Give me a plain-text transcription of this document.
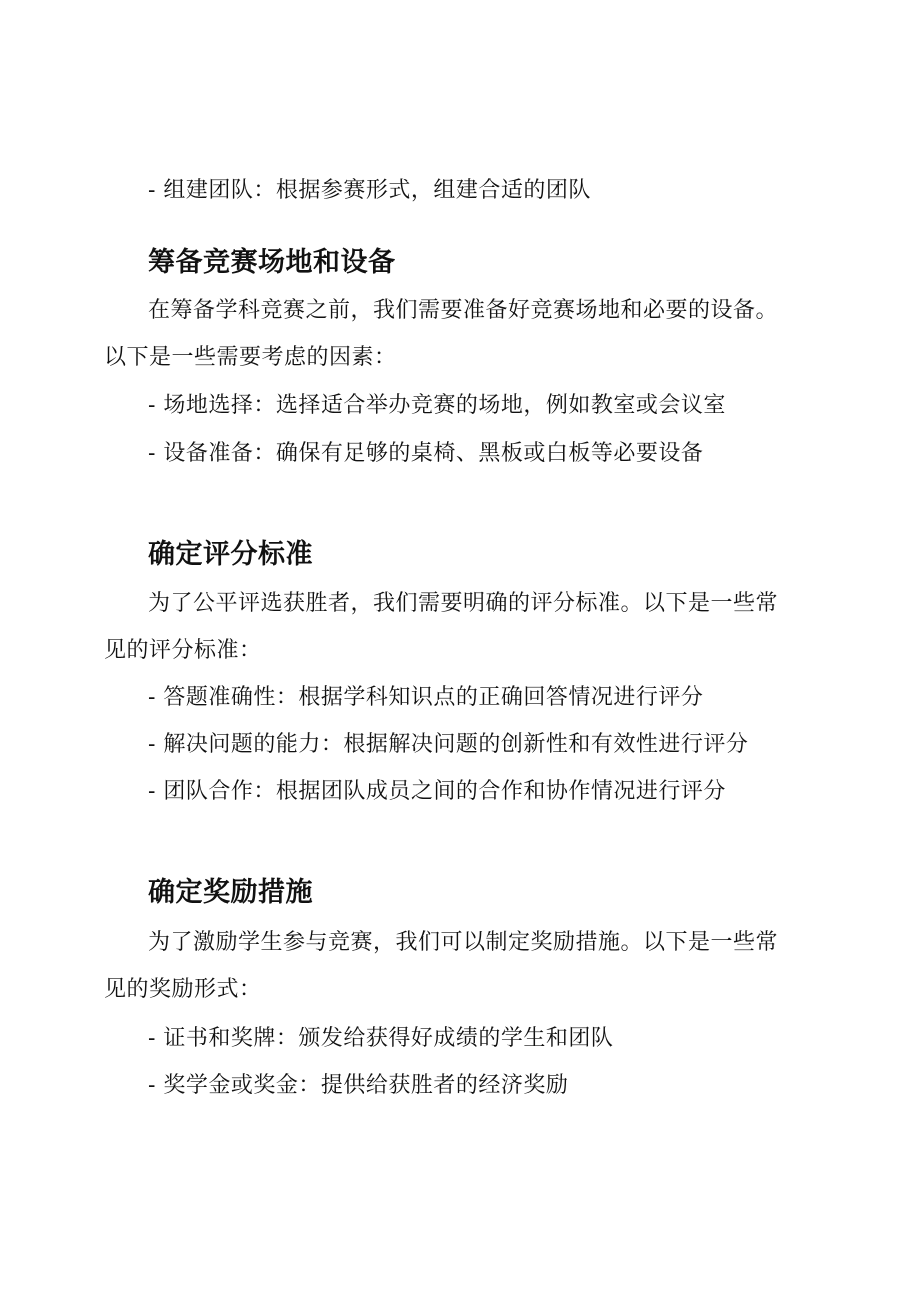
- 组建团队：根据参赛形式，组建合适的团队
筹备竞赛场地和设备
在筹备学科竞赛之前，我们需要准备好竞赛场地和必要的设备。
以下是一些需要考虑的因素：
- 场地选择：选择适合举办竞赛的场地，例如教室或会议室
- 设备准备：确保有足够的桌椅、黑板或白板等必要设备
确定评分标准
为了公平评选获胜者，我们需要明确的评分标准。以下是一些常
见的评分标准：
- 答题准确性：根据学科知识点的正确回答情况进行评分
- 解决问题的能力：根据解决问题的创新性和有效性进行评分
- 团队合作：根据团队成员之间的合作和协作情况进行评分
确定奖励措施
为了激励学生参与竞赛，我们可以制定奖励措施。以下是一些常
见的奖励形式：
- 证书和奖牌：颁发给获得好成绩的学生和团队
- 奖学金或奖金：提供给获胜者的经济奖励
